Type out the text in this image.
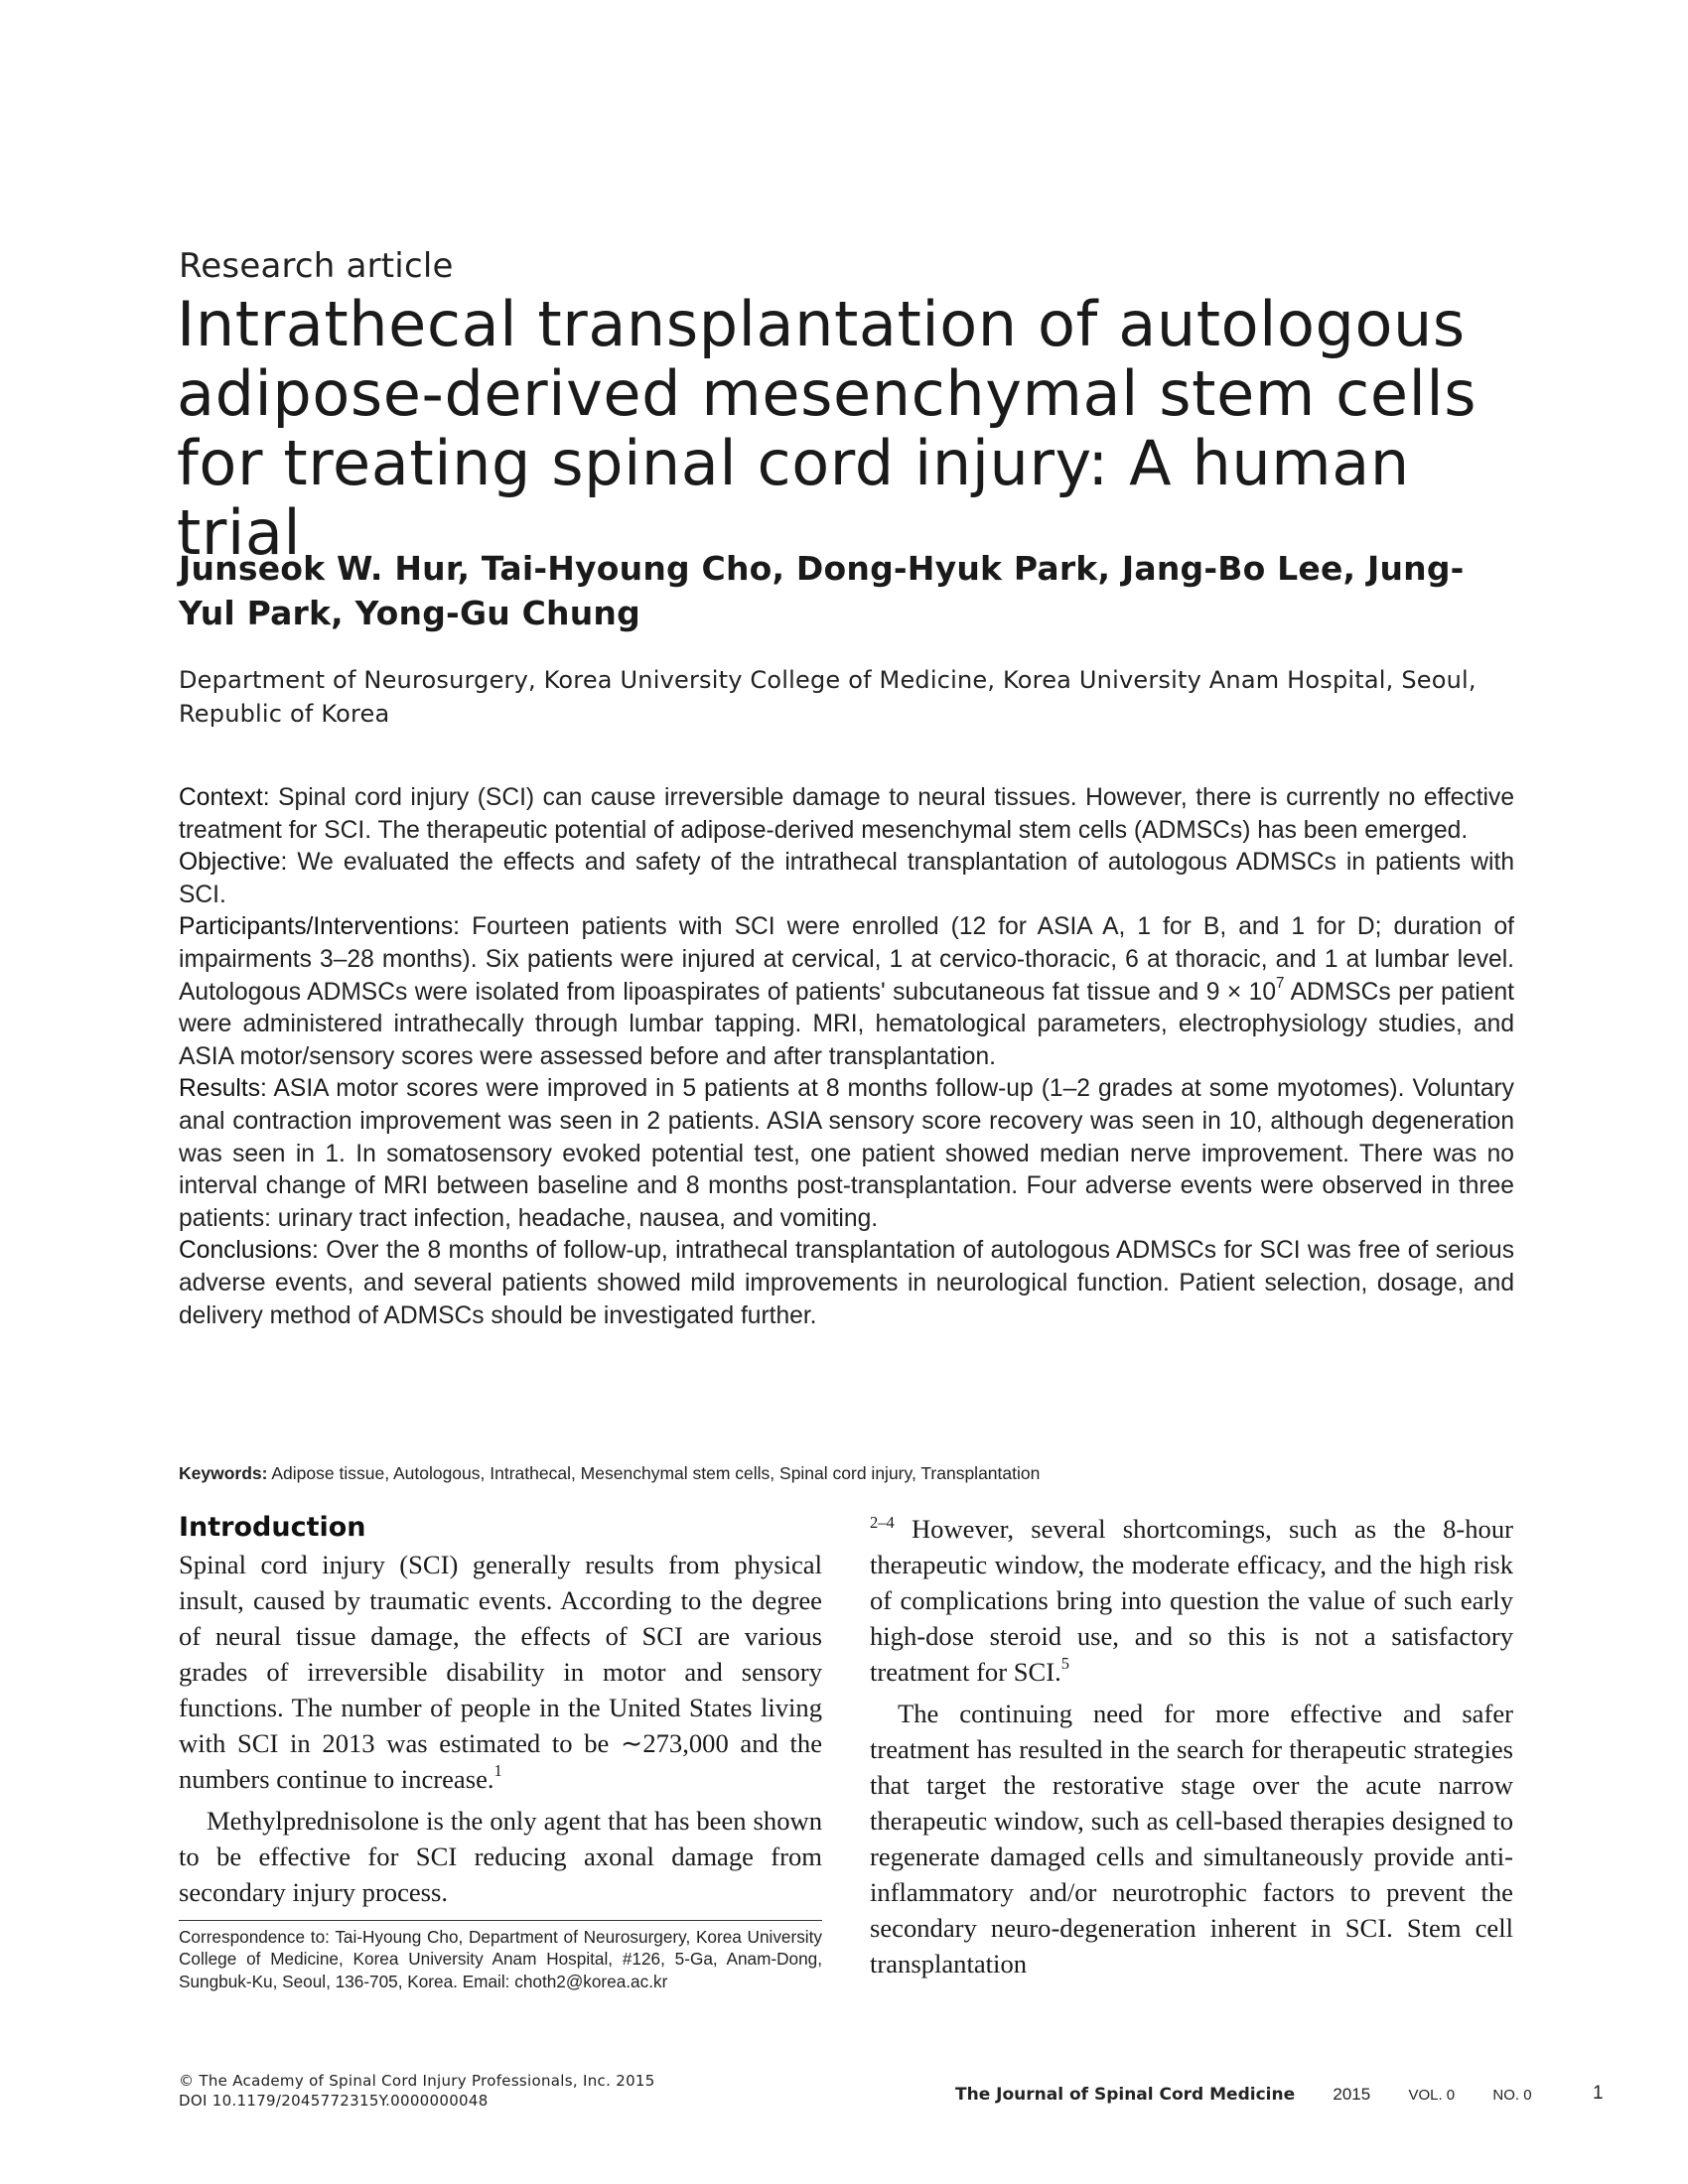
Research article
Intrathecal transplantation of autologous adipose-derived mesenchymal stem cells for treating spinal cord injury: A human trial
Junseok W. Hur, Tai-Hyoung Cho, Dong-Hyuk Park, Jang-Bo Lee, Jung-Yul Park, Yong-Gu Chung
Department of Neurosurgery, Korea University College of Medicine, Korea University Anam Hospital, Seoul, Republic of Korea

Context: Spinal cord injury (SCI) can cause irreversible damage to neural tissues. However, there is currently no effective treatment for SCI. The therapeutic potential of adipose-derived mesenchymal stem cells (ADMSCs) has been emerged.

Objective: We evaluated the effects and safety of the intrathecal transplantation of autologous ADMSCs in patients with SCI.

Participants/Interventions: Fourteen patients with SCI were enrolled (12 for ASIA A, 1 for B, and 1 for D; duration of impairments 3–28 months). Six patients were injured at cervical, 1 at cervico-thoracic, 6 at thoracic, and 1 at lumbar level. Autologous ADMSCs were isolated from lipoaspirates of patients' subcutaneous fat tissue and $9 \times 10^7$ ADMSCs per patient were administered intrathecally through lumbar tapping. MRI, hematological parameters, electrophysiology studies, and ASIA motor/sensory scores were assessed before and after transplantation.

Results: ASIA motor scores were improved in 5 patients at 8 months follow-up (1–2 grades at some myotomes). Voluntary anal contraction improvement was seen in 2 patients. ASIA sensory score recovery was seen in 10, although degeneration was seen in 1. In somatosensory evoked potential test, one patient showed median nerve improvement. There was no interval change of MRI between baseline and 8 months post-transplantation. Four adverse events were observed in three patients: urinary tract infection, headache, nausea, and vomiting.

Conclusions: Over the 8 months of follow-up, intrathecal transplantation of autologous ADMSCs for SCI was free of serious adverse events, and several patients showed mild improvements in neurological function. Patient selection, dosage, and delivery method of ADMSCs should be investigated further.

Keywords: Adipose tissue, Autologous, Intrathecal, Mesenchymal stem cells, Spinal cord injury, Transplantation
Introduction

Spinal cord injury (SCI) generally results from physical insult, caused by traumatic events. According to the degree of neural tissue damage, the effects of SCI are various grades of irreversible disability in motor and sensory functions. The number of people in the United States living with SCI in 2013 was estimated to be ∼273,000 and the numbers continue to increase.$^1$

Methylprednisolone is the only agent that has been shown to be effective for SCI reducing axonal damage from secondary injury process.

$^{2-4}$ However, several shortcomings, such as the 8-hour therapeutic window, the moderate efficacy, and the high risk of complications bring into question the value of such early high-dose steroid use, and so this is not a satisfactory treatment for SCI.$^5$

The continuing need for more effective and safer treatment has resulted in the search for therapeutic strategies that target the restorative stage over the acute narrow therapeutic window, such as cell-based therapies designed to regenerate damaged cells and simultaneously provide anti-inflammatory and/or neurotrophic factors to prevent the secondary neuro-degeneration inherent in SCI. Stem cell transplantation

Correspondence to: Tai-Hyoung Cho, Department of Neurosurgery, Korea University College of Medicine, Korea University Anam Hospital, #126, 5-Ga, Anam-Dong, Sungbuk-Ku, Seoul, 136-705, Korea. Email: choth2@korea.ac.kr
© The Academy of Spinal Cord Injury Professionals, Inc. 2015
DOI 10.1179/2045772315Y.0000000048	The Journal of Spinal Cord Medicine 2015	VOL. 0	NO. 0	1
